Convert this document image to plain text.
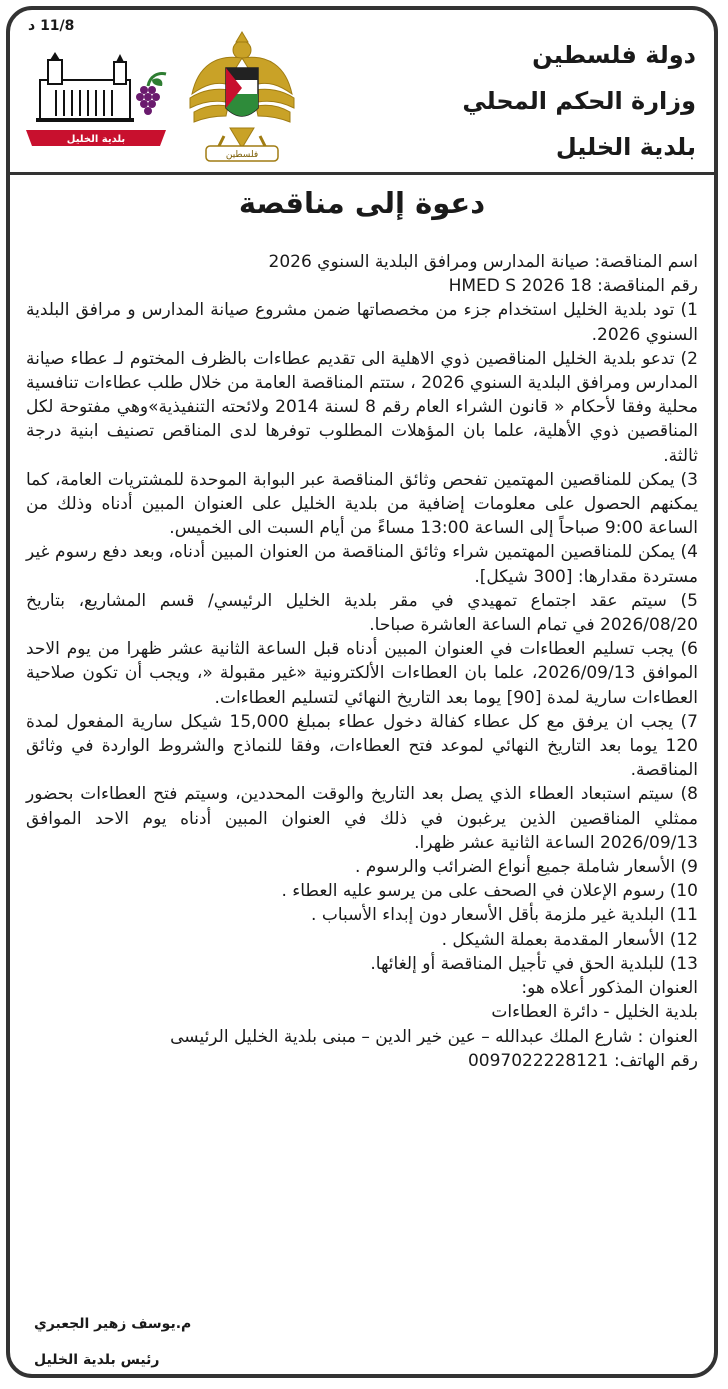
11/8 د
دولة فلسطين
وزارة الحكم المحلي
بلدية الخليل
فلسطين
بلدية الخليل
دعوة إلى مناقصة

اسم المناقصة: صيانة المدارس ومرافق البلدية السنوي 2026

رقم المناقصة: 18 HMED S 2026

1) تود بلدية الخليل استخدام جزء من مخصصاتها ضمن مشروع صيانة المدارس و مرافق البلدية السنوي 2026.

2) تدعو بلدية الخليل المناقصين ذوي الاهلية الى تقديم عطاءات بالظرف المختوم لـ عطاء صيانة المدارس ومرافق البلدية السنوي 2026 ، ستتم المناقصة العامة من خلال طلب عطاءات تنافسية محلية وفقا لأحكام « قانون الشراء العام رقم 8 لسنة 2014 ولائحته التنفيذية»وهي مفتوحة لكل المناقصين ذوي الأهلية، علما بان المؤهلات المطلوب توفرها لدى المناقص تصنيف ابنية درجة ثالثة.

3) يمكن للمناقصين المهتمين تفحص وثائق المناقصة عبر البوابة الموحدة للمشتريات العامة، كما يمكنهم الحصول على معلومات إضافية من بلدية الخليل على العنوان المبين أدناه وذلك من الساعة 9:00 صباحاً إلى الساعة 13:00 مساءً من أيام السبت الى الخميس.

4) يمكن للمناقصين المهتمين شراء وثائق المناقصة من العنوان المبين أدناه، وبعد دفع رسوم غير مستردة مقدارها: [300 شيكل].

5) سيتم عقد اجتماع تمهيدي في مقر بلدية الخليل الرئيسي/ قسم المشاريع، بتاريخ 2026/08/20 في تمام الساعة العاشرة صباحا.

6) يجب تسليم العطاءات في العنوان المبين أدناه قبل الساعة الثانية عشر ظهرا من يوم الاحد الموافق 2026/09/13، علما بان العطاءات الألكترونية «غير مقبولة «، ويجب أن تكون صلاحية العطاءات سارية لمدة [90] يوما بعد التاريخ النهائي لتسليم العطاءات.

7) يجب ان يرفق مع كل عطاء كفالة دخول عطاء بمبلغ 15,000 شيكل سارية المفعول لمدة 120 يوما بعد التاريخ النهائي لموعد فتح العطاءات، وفقا للنماذج والشروط الواردة في وثائق المناقصة.

8) سيتم استبعاد العطاء الذي يصل بعد التاريخ والوقت المحددين، وسيتم فتح العطاءات بحضور ممثلي المناقصين الذين يرغبون في ذلك في العنوان المبين أدناه يوم الاحد الموافق 2026/09/13 الساعة الثانية عشر ظهرا.

9) الأسعار شاملة جميع أنواع الضرائب والرسوم .

10) رسوم الإعلان في الصحف على من يرسو عليه العطاء .

11) البلدية غير ملزمة بأقل الأسعار دون إبداء الأسباب .

12) الأسعار المقدمة بعملة الشيكل .

13) للبلدية الحق في تأجيل المناقصة أو إلغائها.

العنوان المذكور أعلاه هو:

بلدية الخليل - دائرة العطاءات

العنوان : شارع الملك عبدالله – عين خير الدين – مبنى بلدية الخليل الرئيسى

رقم الهاتف: 0097022228121

م.يوسف زهير الجعبري
رئيس بلدية الخليل
